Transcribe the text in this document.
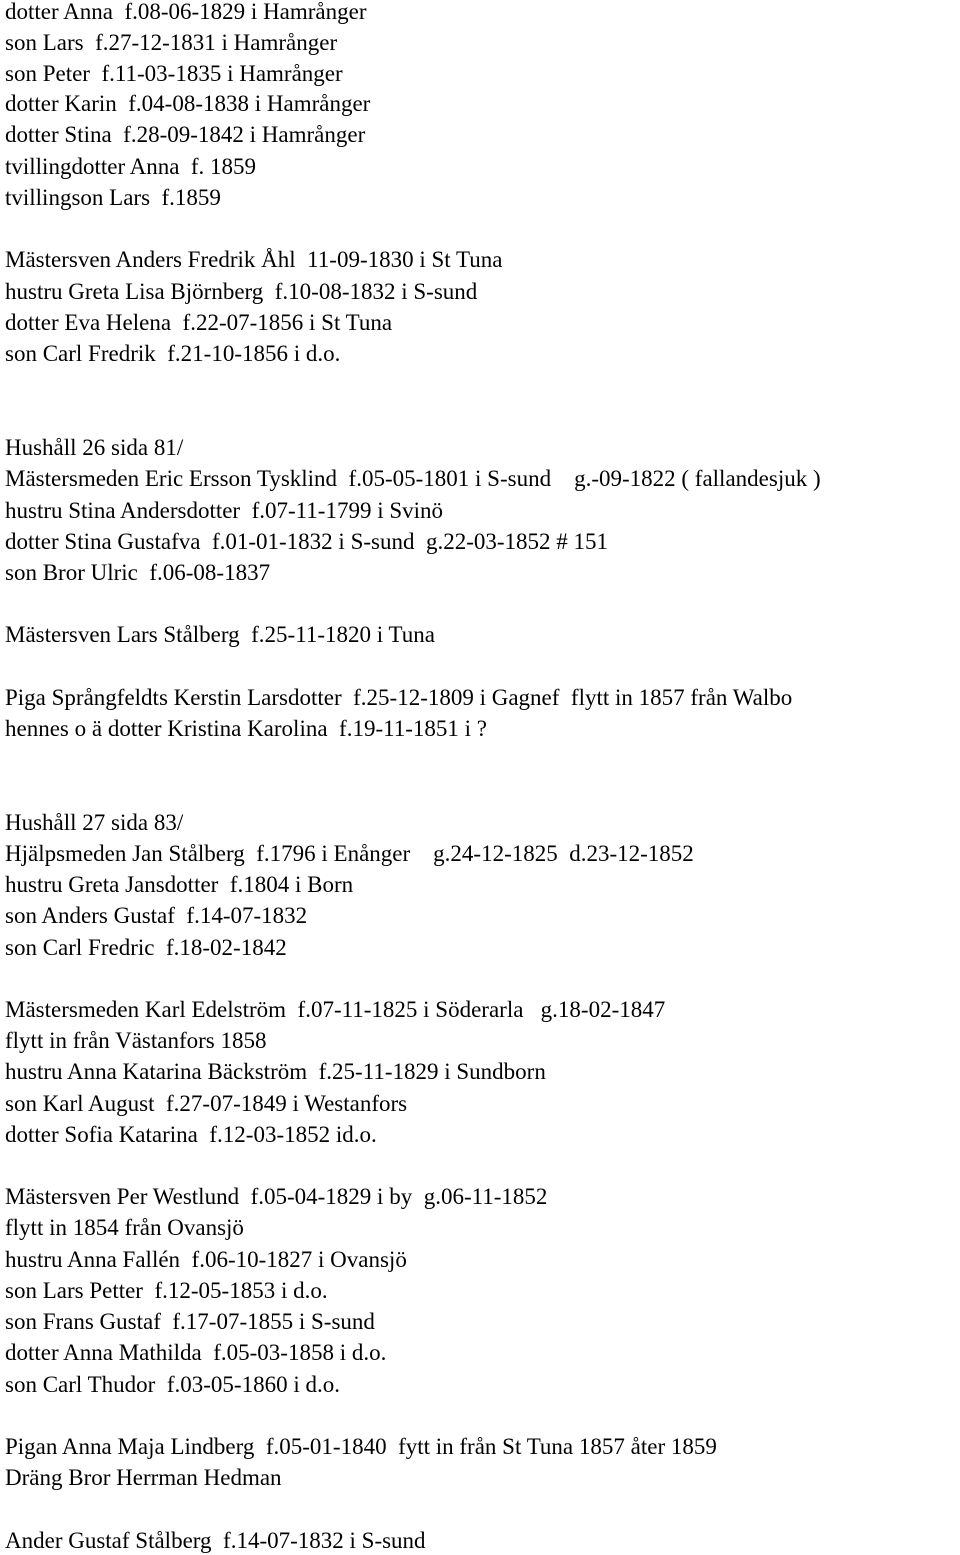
dotter Anna  f.08-06-1829 i Hamrånger

son Lars  f.27-12-1831 i Hamrånger

son Peter  f.11-03-1835 i Hamrånger

dotter Karin  f.04-08-1838 i Hamrånger

dotter Stina  f.28-09-1842 i Hamrånger

tvillingdotter Anna  f. 1859

tvillingson Lars  f.1859

Mästersven Anders Fredrik Åhl  11-09-1830 i St Tuna

hustru Greta Lisa Björnberg  f.10-08-1832 i S-sund

dotter Eva Helena  f.22-07-1856 i St Tuna

son Carl Fredrik  f.21-10-1856 i d.o.

Hushåll 26 sida 81/

Mästersmeden Eric Ersson Tysklind  f.05-05-1801 i S-sund    g.-09-1822 ( fallandesjuk )

hustru Stina Andersdotter  f.07-11-1799 i Svinö

dotter Stina Gustafva  f.01-01-1832 i S-sund  g.22-03-1852 # 151

son Bror Ulric  f.06-08-1837

Mästersven Lars Stålberg  f.25-11-1820 i Tuna

Piga Språngfeldts Kerstin Larsdotter  f.25-12-1809 i Gagnef  flytt in 1857 från Walbo

hennes o ä dotter Kristina Karolina  f.19-11-1851 i ?

Hushåll 27 sida 83/

Hjälpsmeden Jan Stålberg  f.1796 i Enånger    g.24-12-1825  d.23-12-1852

hustru Greta Jansdotter  f.1804 i Born

son Anders Gustaf  f.14-07-1832

son Carl Fredric  f.18-02-1842

Mästersmeden Karl Edelström  f.07-11-1825 i Söderarla   g.18-02-1847

flytt in från Västanfors 1858

hustru Anna Katarina Bäckström  f.25-11-1829 i Sundborn

son Karl August  f.27-07-1849 i Westanfors

dotter Sofia Katarina  f.12-03-1852 id.o.

Mästersven Per Westlund  f.05-04-1829 i by  g.06-11-1852

flytt in 1854 från Ovansjö

hustru Anna Fallén  f.06-10-1827 i Ovansjö

son Lars Petter  f.12-05-1853 i d.o.

son Frans Gustaf  f.17-07-1855 i S-sund

dotter Anna Mathilda  f.05-03-1858 i d.o.

son Carl Thudor  f.03-05-1860 i d.o.

Pigan Anna Maja Lindberg  f.05-01-1840  fytt in från St Tuna 1857 åter 1859

Dräng Bror Herrman Hedman

Ander Gustaf Stålberg  f.14-07-1832 i S-sund
